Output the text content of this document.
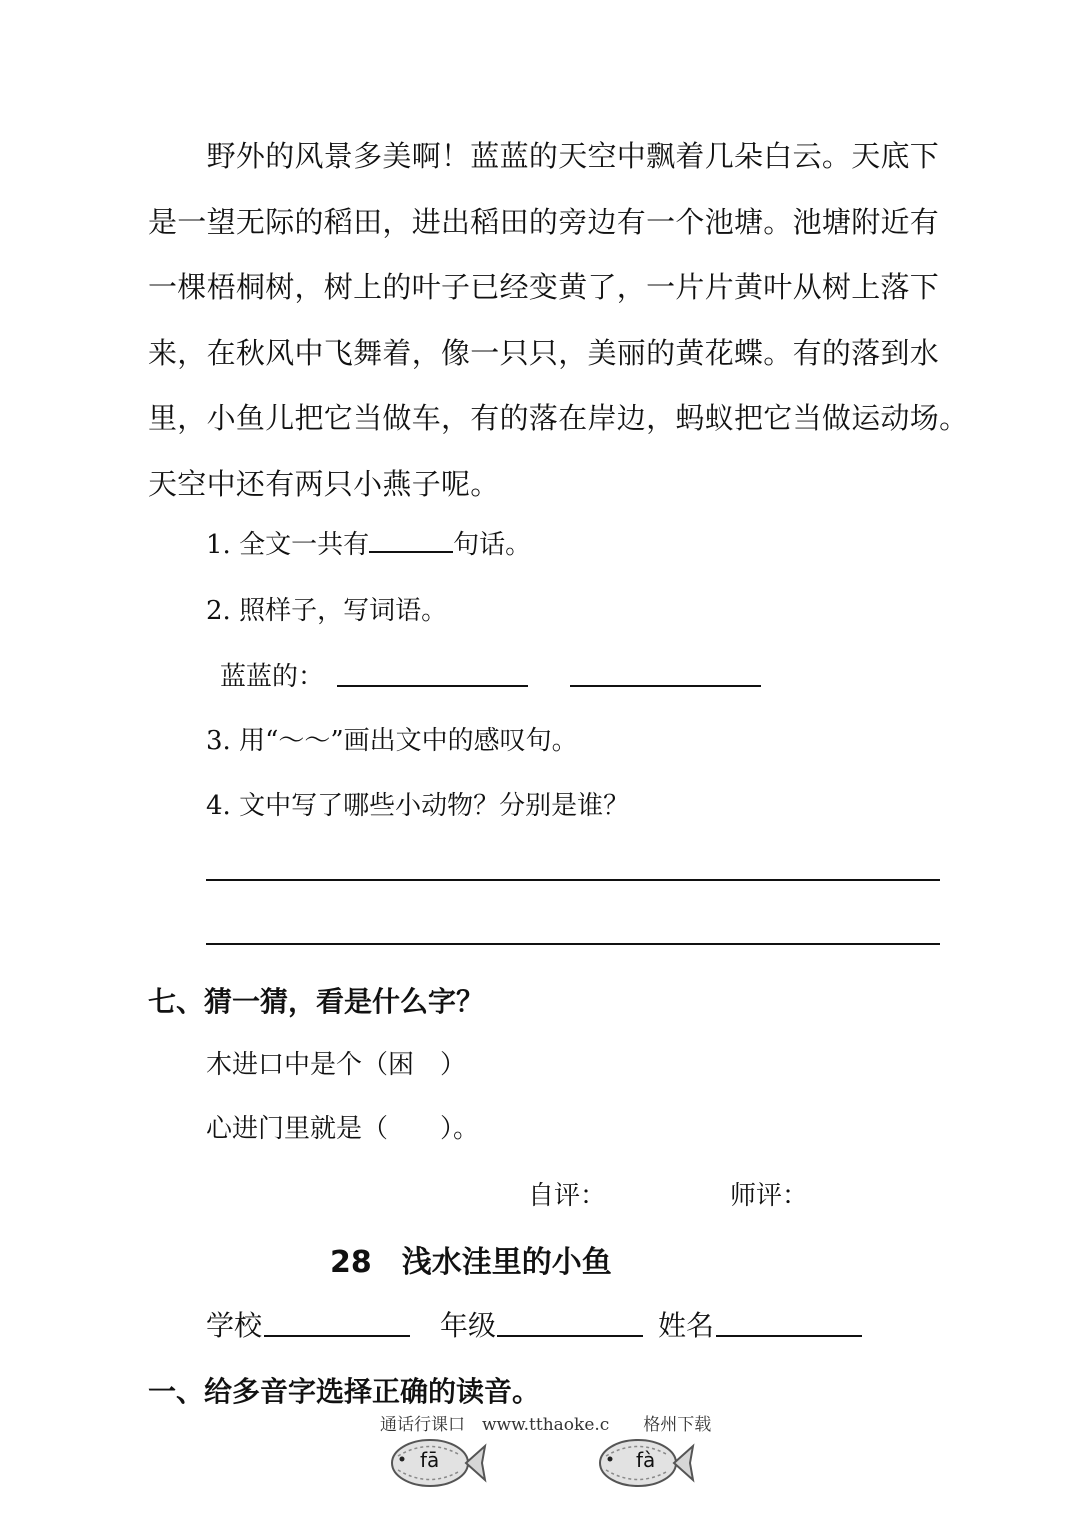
　　野外的风景多美啊！蓝蓝的天空中飘着几朵白云。天底下
是一望无际的稻田，进出稻田的旁边有一个池塘。池塘附近有
一棵梧桐树，树上的叶子已经变黄了，一片片黄叶从树上落下
来，在秋风中飞舞着，像一只只，美丽的黄花蝶。有的落到水
里，小鱼儿把它当做车，有的落在岸边，蚂蚁把它当做运动场。
天空中还有两只小燕子呢。
1. 全文一共有	句话。
2. 照样子，写词语。
蓝蓝的：
3. 用“～～”画出文中的感叹句。
4. 文中写了哪些小动物？分别是谁？
七、猜一猜，看是什么字？
木进口中是个（困　）
心进门里就是（　　）。
自评：	师评：
28　浅水洼里的小鱼
学校	年级	姓名
一、给多音字选择正确的读音。
通话行课口　www.tthaoke.c　　格州下载
fā	fà
